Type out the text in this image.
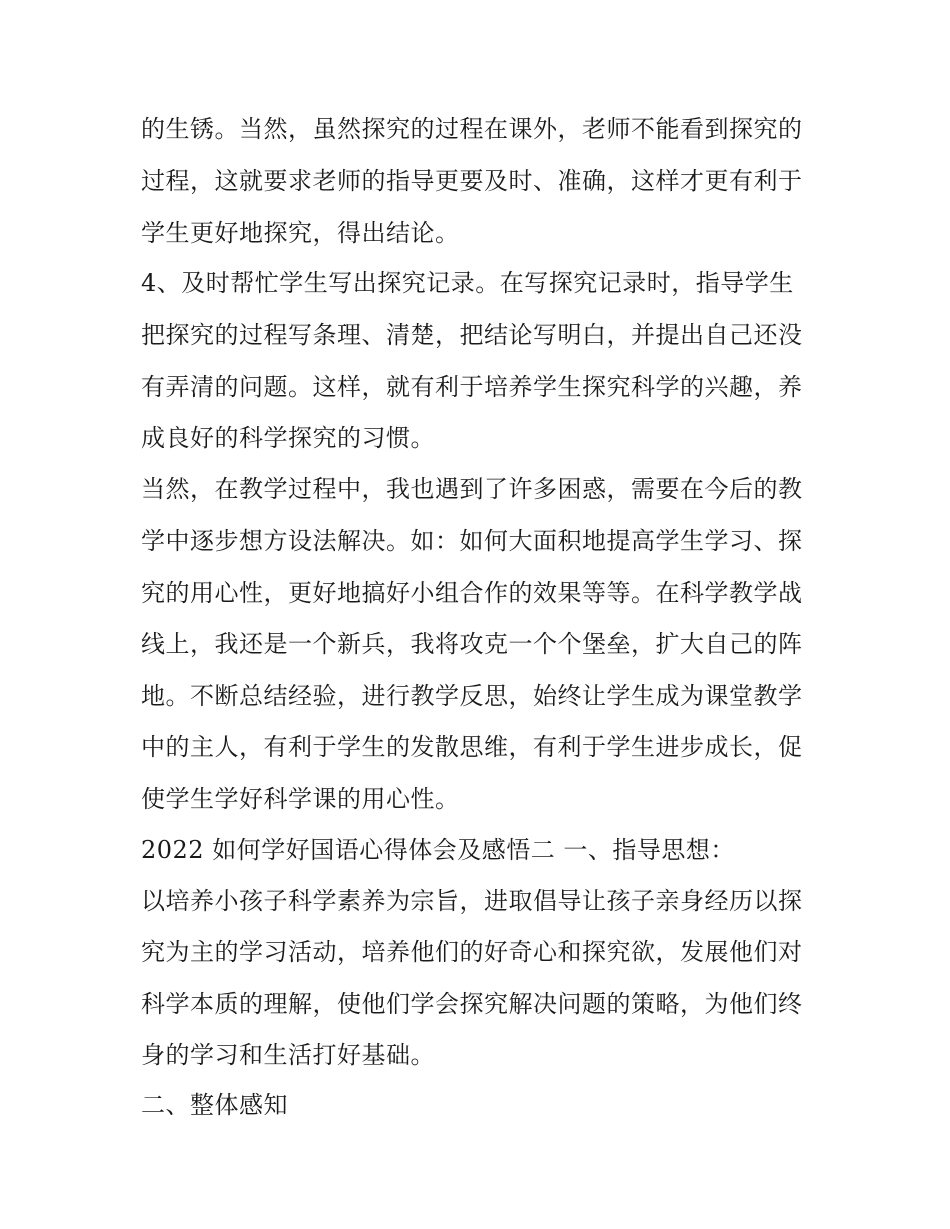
的生锈。当然，虽然探究的过程在课外，老师不能看到探究的
过程，这就要求老师的指导更要及时、准确，这样才更有利于
学生更好地探究，得出结论。
4、及时帮忙学生写出探究记录。在写探究记录时，指导学生
把探究的过程写条理、清楚，把结论写明白，并提出自己还没
有弄清的问题。这样，就有利于培养学生探究科学的兴趣，养
成良好的科学探究的习惯。
当然，在教学过程中，我也遇到了许多困惑，需要在今后的教
学中逐步想方设法解决。如：如何大面积地提高学生学习、探
究的用心性，更好地搞好小组合作的效果等等。在科学教学战
线上，我还是一个新兵，我将攻克一个个堡垒，扩大自己的阵
地。不断总结经验，进行教学反思，始终让学生成为课堂教学
中的主人，有利于学生的发散思维，有利于学生进步成长，促
使学生学好科学课的用心性。
2022 如何学好国语心得体会及感悟二 一、指导思想：
以培养小孩子科学素养为宗旨，进取倡导让孩子亲身经历以探
究为主的学习活动，培养他们的好奇心和探究欲，发展他们对
科学本质的理解，使他们学会探究解决问题的策略，为他们终
身的学习和生活打好基础。
二、整体感知
